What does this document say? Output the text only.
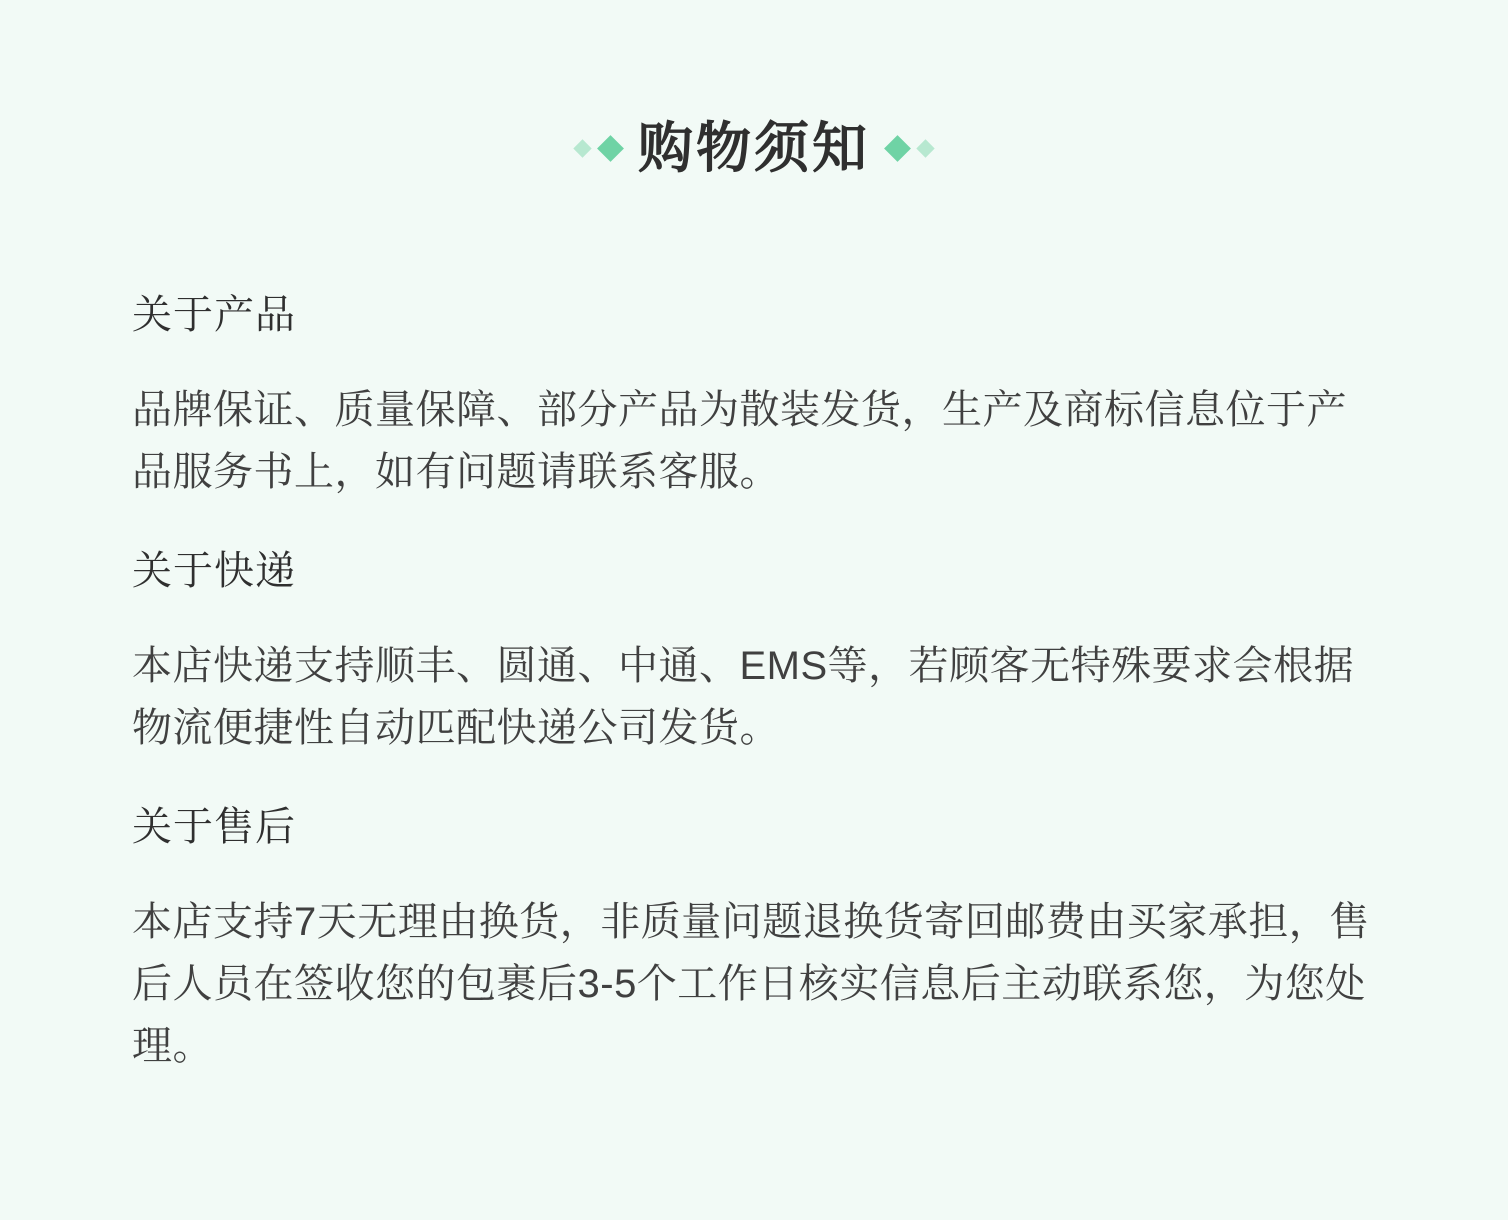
购物须知
关于产品

品牌保证、质量保障、部分产品为散装发货，生产及商标信息位于产品服务书上，如有问题请联系客服。

关于快递

本店快递支持顺丰、圆通、中通、EMS等，若顾客无特殊要求会根据物流便捷性自动匹配快递公司发货。

关于售后

本店支持7天无理由换货，非质量问题退换货寄回邮费由买家承担，售后人员在签收您的包裹后3-5个工作日核实信息后主动联系您，为您处理。
